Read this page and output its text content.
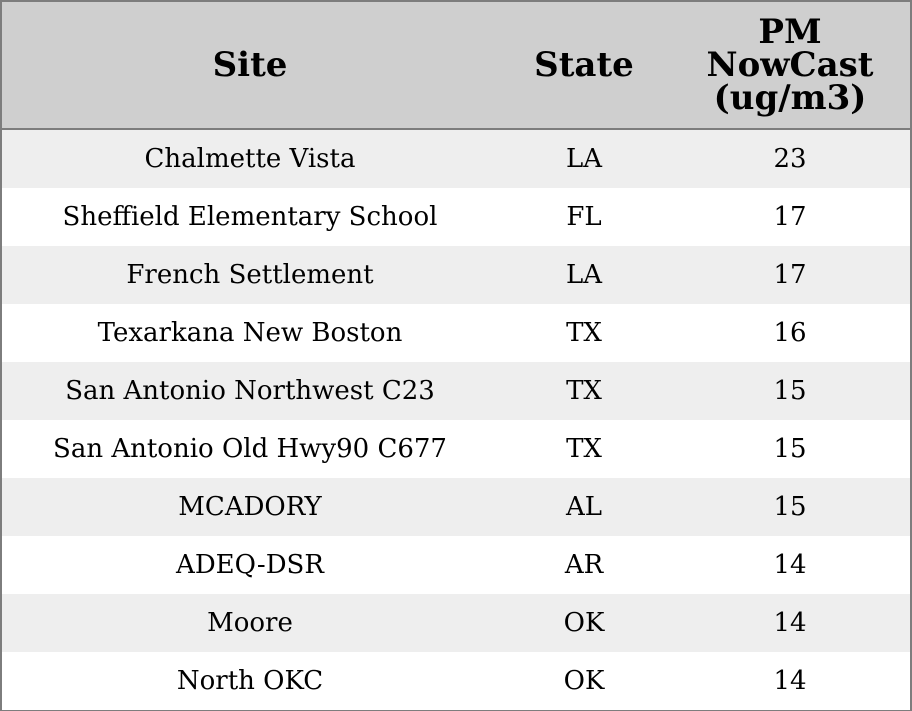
Site	State	PM
NowCast
(ug/m3)
Chalmette Vista	LA	23
Sheffield Elementary School	FL	17
French Settlement	LA	17
Texarkana New Boston	TX	16
San Antonio Northwest C23	TX	15
San Antonio Old Hwy90 C677	TX	15
MCADORY	AL	15
ADEQ-DSR	AR	14
Moore	OK	14
North OKC	OK	14
